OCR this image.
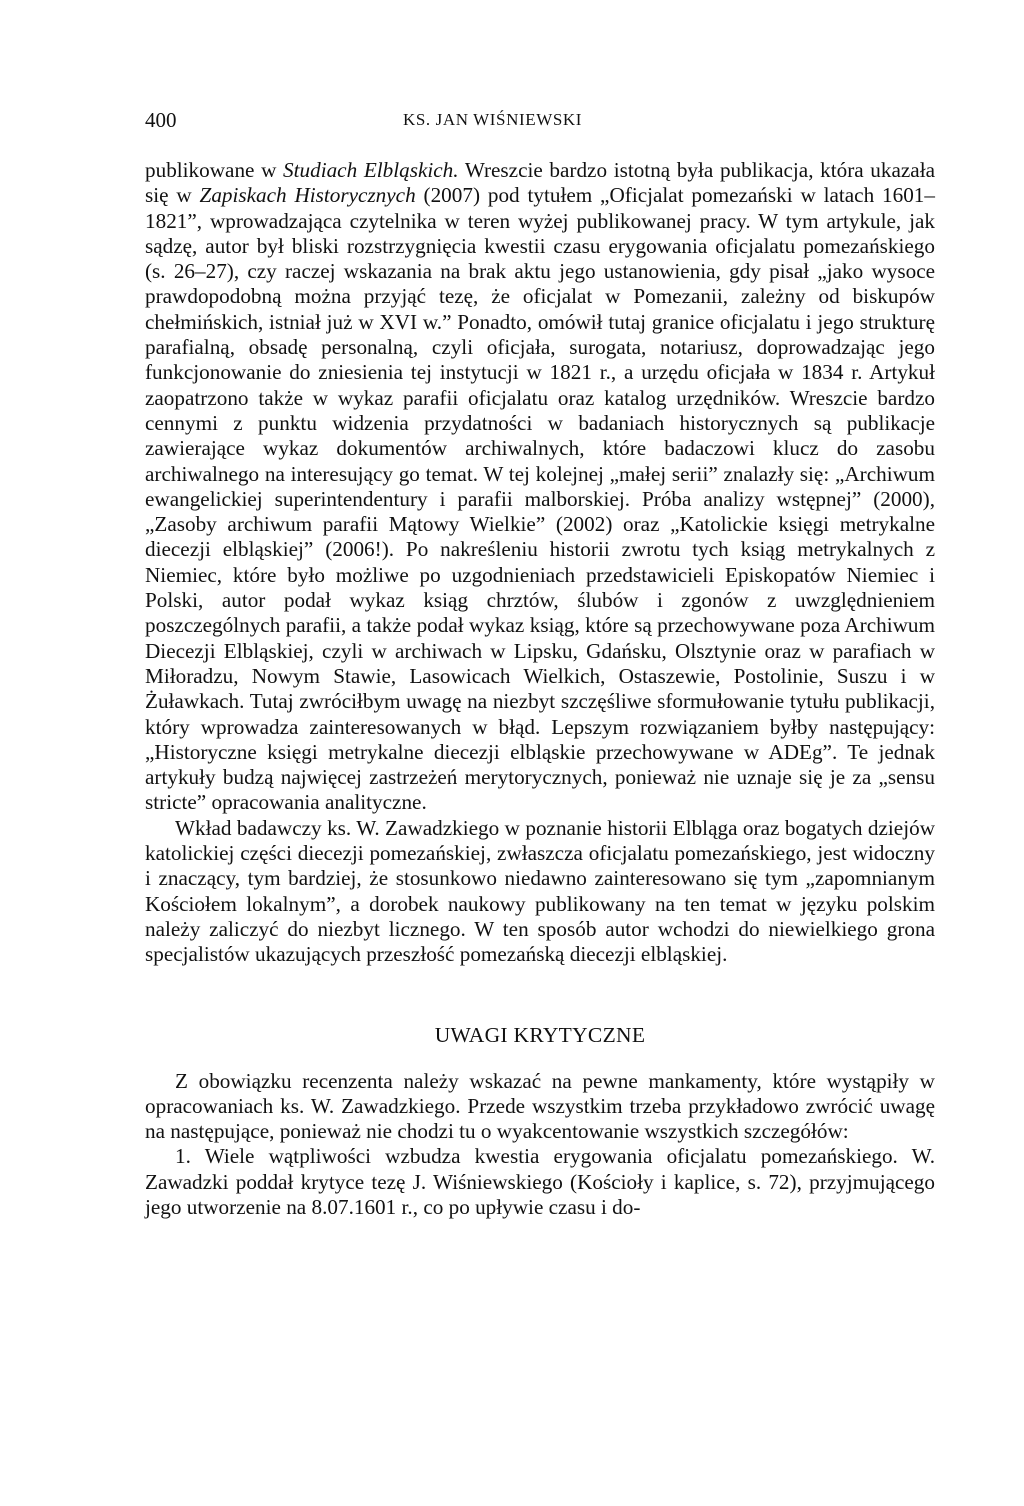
400	KS. JAN WIŚNIEWSKI

publikowane w Studiach Elbląskich. Wreszcie bardzo istotną była publikacja, która ukazała się w Zapiskach Historycznych (2007) pod tytułem „Oficjalat pomezański w latach 1601–1821”, wprowadzająca czytelnika w teren wyżej publikowanej pracy. W tym artykule, jak sądzę, autor był bliski rozstrzygnięcia kwestii czasu erygowania oficjalatu pomezańskiego (s. 26–27), czy raczej wskazania na brak aktu jego ustanowienia, gdy pisał „jako wysoce prawdopodobną można przyjąć tezę, że oficjalat w Pomezanii, zależny od biskupów chełmińskich, istniał już w XVI w.” Ponadto, omówił tutaj granice oficjalatu i jego strukturę parafialną, obsadę personalną, czyli oficjała, surogata, notariusz, doprowadzając jego funkcjonowanie do zniesienia tej instytucji w 1821 r., a urzędu oficjała w 1834 r. Artykuł zaopatrzono także w wykaz parafii oficjalatu oraz katalog urzędników. Wreszcie bardzo cennymi z punktu widzenia przydatności w badaniach historycznych są publikacje zawierające wykaz dokumentów archiwalnych, które badaczowi klucz do zasobu archiwalnego na interesujący go temat. W tej kolejnej „małej serii” znalazły się: „Archiwum ewangelickiej superintendentury i parafii malborskiej. Próba analizy wstępnej” (2000), „Zasoby archiwum parafii Mątowy Wielkie” (2002) oraz „Katolickie księgi metrykalne diecezji elbląskiej” (2006!). Po nakreśleniu historii zwrotu tych ksiąg metrykalnych z Niemiec, które było możliwe po uzgodnieniach przedstawicieli Episkopatów Niemiec i Polski, autor podał wykaz ksiąg chrztów, ślubów i zgonów z uwzględnieniem poszczególnych parafii, a także podał wykaz ksiąg, które są przechowywane poza Archiwum Diecezji Elbląskiej, czyli w archiwach w Lipsku, Gdańsku, Olsztynie oraz w parafiach w Miłoradzu, Nowym Stawie, Lasowicach Wielkich, Ostaszewie, Postolinie, Suszu i w Żuławkach. Tutaj zwróciłbym uwagę na niezbyt szczęśliwe sformułowanie tytułu publikacji, który wprowadza zainteresowanych w błąd. Lepszym rozwiązaniem byłby następujący: „Historyczne księgi metrykalne diecezji elbląskie przechowywane w ADEg”. Te jednak artykuły budzą najwięcej zastrzeżeń merytorycznych, ponieważ nie uznaje się je za „sensu stricte” opracowania analityczne.

Wkład badawczy ks. W. Zawadzkiego w poznanie historii Elbląga oraz bogatych dziejów katolickiej części diecezji pomezańskiej, zwłaszcza oficjalatu pomezańskiego, jest widoczny i znaczący, tym bardziej, że stosunkowo niedawno zainteresowano się tym „zapomnianym Kościołem lokalnym”, a dorobek naukowy publikowany na ten temat w języku polskim należy zaliczyć do niezbyt licznego. W ten sposób autor wchodzi do niewielkiego grona specjalistów ukazujących przeszłość pomezańską diecezji elbląskiej.

UWAGI KRYTYCZNE

Z obowiązku recenzenta należy wskazać na pewne mankamenty, które wystąpiły w opracowaniach ks. W. Zawadzkiego. Przede wszystkim trzeba przykładowo zwrócić uwagę na następujące, ponieważ nie chodzi tu o wyakcentowanie wszystkich szczegółów:

1. Wiele wątpliwości wzbudza kwestia erygowania oficjalatu pomezańskiego. W. Zawadzki poddał krytyce tezę J. Wiśniewskiego (Kościoły i kaplice, s. 72), przyjmującego jego utworzenie na 8.07.1601 r., co po upływie czasu i do-
